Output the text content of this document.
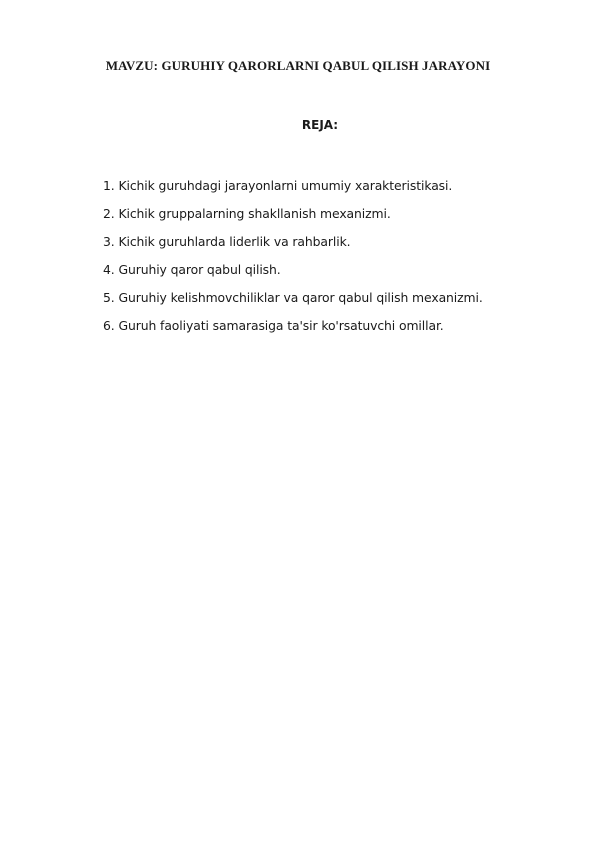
MAVZU: GURUHIY QARORLARNI QABUL QILISH JARAYONI
REJA:
1. Kichik guruhdagi jarayonlarni umumiy xarakteristikasi.
2. Kichik gruppalarning shakllanish mexanizmi.
3. Kichik guruhlarda liderlik va rahbarlik.
4. Guruhiy qaror qabul qilish.
5. Guruhiy kelishmovchiliklar va qaror qabul qilish mexanizmi.
6. Guruh faoliyati samarasiga ta'sir ko'rsatuvchi omillar.
